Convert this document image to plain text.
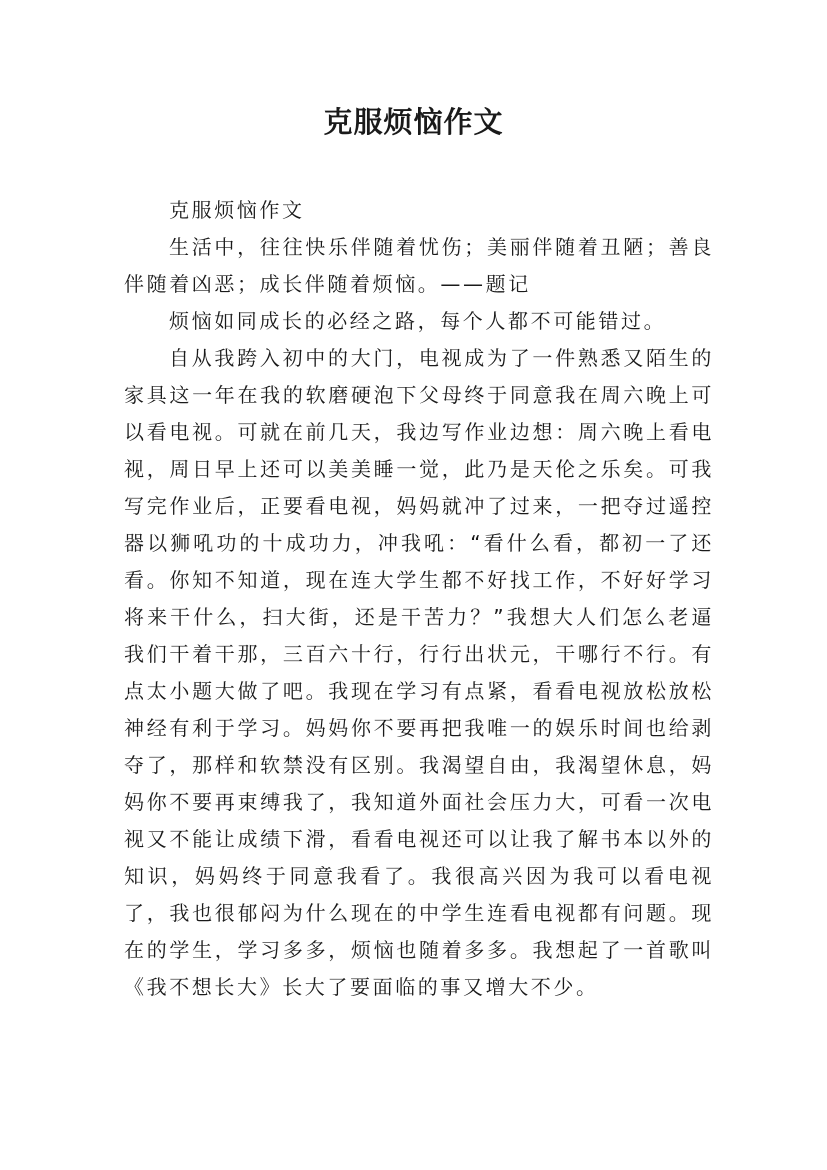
克服烦恼作文

克服烦恼作文

生活中，往往快乐伴随着忧伤；美丽伴随着丑陋；善良伴随着凶恶；成长伴随着烦恼。——题记

烦恼如同成长的必经之路，每个人都不可能错过。

自从我跨入初中的大门，电视成为了一件熟悉又陌生的家具这一年在我的软磨硬泡下父母终于同意我在周六晚上可以看电视。可就在前几天，我边写作业边想：周六晚上看电视，周日早上还可以美美睡一觉，此乃是天伦之乐矣。可我写完作业后，正要看电视，妈妈就冲了过来，一把夺过遥控器以狮吼功的十成功力，冲我吼：“看什么看，都初一了还看。你知不知道，现在连大学生都不好找工作，不好好学习将来干什么，扫大街，还是干苦力？”我想大人们怎么老逼我们干着干那，三百六十行，行行出状元，干哪行不行。有点太小题大做了吧。我现在学习有点紧，看看电视放松放松神经有利于学习。妈妈你不要再把我唯一的娱乐时间也给剥夺了，那样和软禁没有区别。我渴望自由，我渴望休息，妈妈你不要再束缚我了，我知道外面社会压力大，可看一次电视又不能让成绩下滑，看看电视还可以让我了解书本以外的知识，妈妈终于同意我看了。我很高兴因为我可以看电视了，我也很郁闷为什么现在的中学生连看电视都有问题。现在的学生，学习多多，烦恼也随着多多。我想起了一首歌叫《我不想长大》长大了要面临的事又增大不少。
